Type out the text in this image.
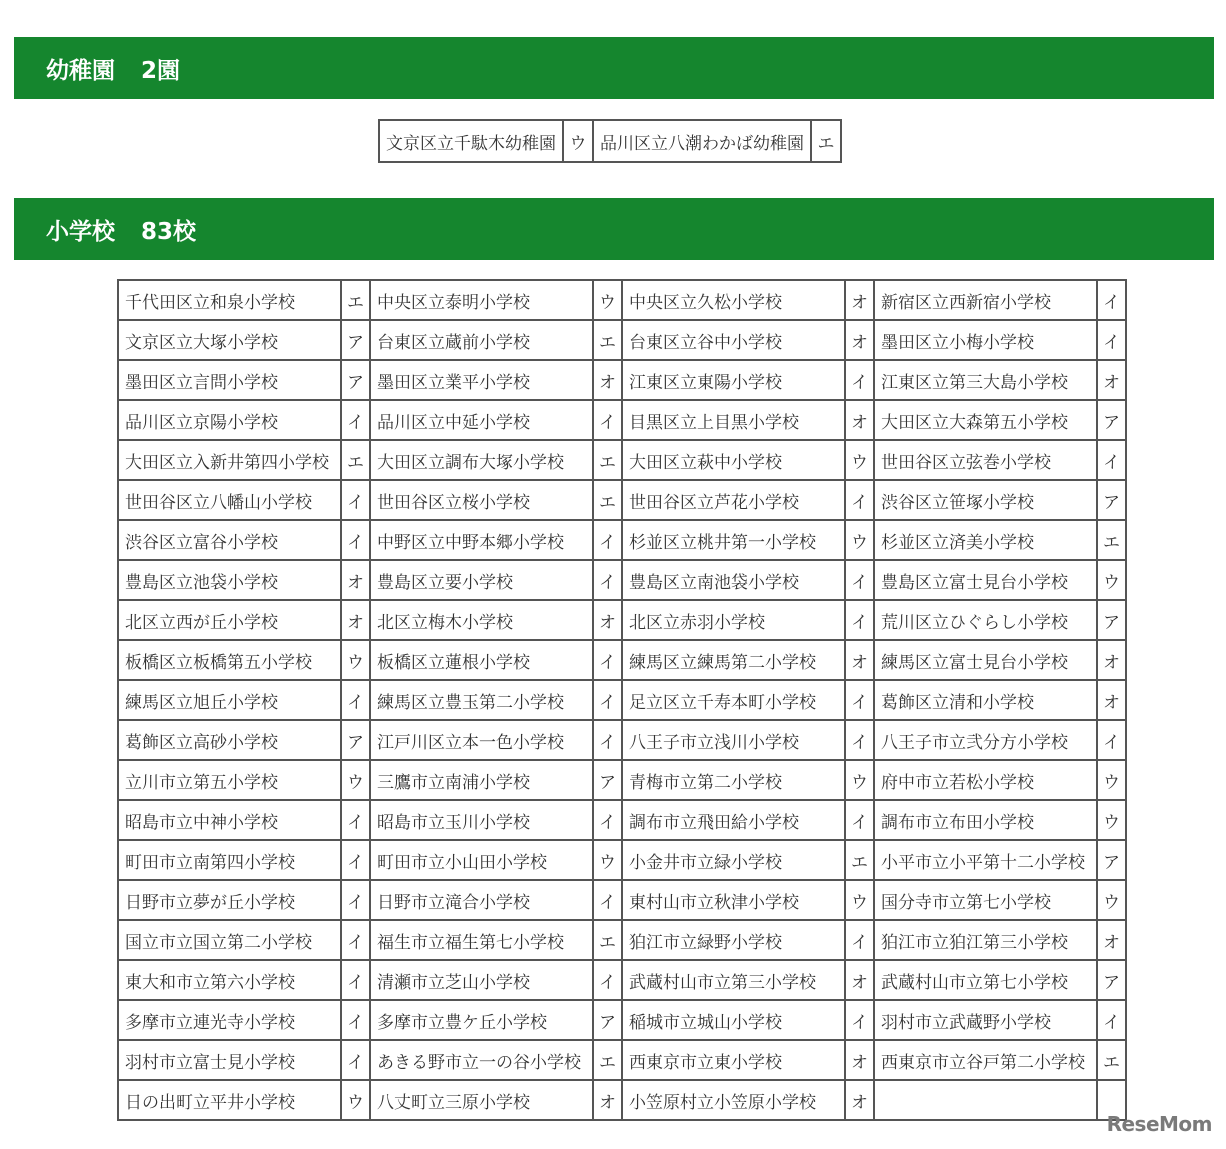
幼稚園 2園
文京区立千駄木幼稚園	ウ	品川区立八潮わかば幼稚園	エ
小学校 83校
千代田区立和泉小学校	エ	中央区立泰明小学校	ウ	中央区立久松小学校	オ	新宿区立西新宿小学校	イ
文京区立大塚小学校	ア	台東区立蔵前小学校	エ	台東区立谷中小学校	オ	墨田区立小梅小学校	イ
墨田区立言問小学校	ア	墨田区立業平小学校	オ	江東区立東陽小学校	イ	江東区立第三大島小学校	オ
品川区立京陽小学校	イ	品川区立中延小学校	イ	目黒区立上目黒小学校	オ	大田区立大森第五小学校	ア
大田区立入新井第四小学校	エ	大田区立調布大塚小学校	エ	大田区立萩中小学校	ウ	世田谷区立弦巻小学校	イ
世田谷区立八幡山小学校	イ	世田谷区立桜小学校	エ	世田谷区立芦花小学校	イ	渋谷区立笹塚小学校	ア
渋谷区立富谷小学校	イ	中野区立中野本郷小学校	イ	杉並区立桃井第一小学校	ウ	杉並区立済美小学校	エ
豊島区立池袋小学校	オ	豊島区立要小学校	イ	豊島区立南池袋小学校	イ	豊島区立富士見台小学校	ウ
北区立西が丘小学校	オ	北区立梅木小学校	オ	北区立赤羽小学校	イ	荒川区立ひぐらし小学校	ア
板橋区立板橋第五小学校	ウ	板橋区立蓮根小学校	イ	練馬区立練馬第二小学校	オ	練馬区立富士見台小学校	オ
練馬区立旭丘小学校	イ	練馬区立豊玉第二小学校	イ	足立区立千寿本町小学校	イ	葛飾区立清和小学校	オ
葛飾区立高砂小学校	ア	江戸川区立本一色小学校	イ	八王子市立浅川小学校	イ	八王子市立弐分方小学校	イ
立川市立第五小学校	ウ	三鷹市立南浦小学校	ア	青梅市立第二小学校	ウ	府中市立若松小学校	ウ
昭島市立中神小学校	イ	昭島市立玉川小学校	イ	調布市立飛田給小学校	イ	調布市立布田小学校	ウ
町田市立南第四小学校	イ	町田市立小山田小学校	ウ	小金井市立緑小学校	エ	小平市立小平第十二小学校	ア
日野市立夢が丘小学校	イ	日野市立滝合小学校	イ	東村山市立秋津小学校	ウ	国分寺市立第七小学校	ウ
国立市立国立第二小学校	イ	福生市立福生第七小学校	エ	狛江市立緑野小学校	イ	狛江市立狛江第三小学校	オ
東大和市立第六小学校	イ	清瀬市立芝山小学校	イ	武蔵村山市立第三小学校	オ	武蔵村山市立第七小学校	ア
多摩市立連光寺小学校	イ	多摩市立豊ケ丘小学校	ア	稲城市立城山小学校	イ	羽村市立武蔵野小学校	イ
羽村市立富士見小学校	イ	あきる野市立一の谷小学校	エ	西東京市立東小学校	オ	西東京市立谷戸第二小学校	エ
日の出町立平井小学校	ウ	八丈町立三原小学校	オ	小笠原村立小笠原小学校	オ		
ReseMom
